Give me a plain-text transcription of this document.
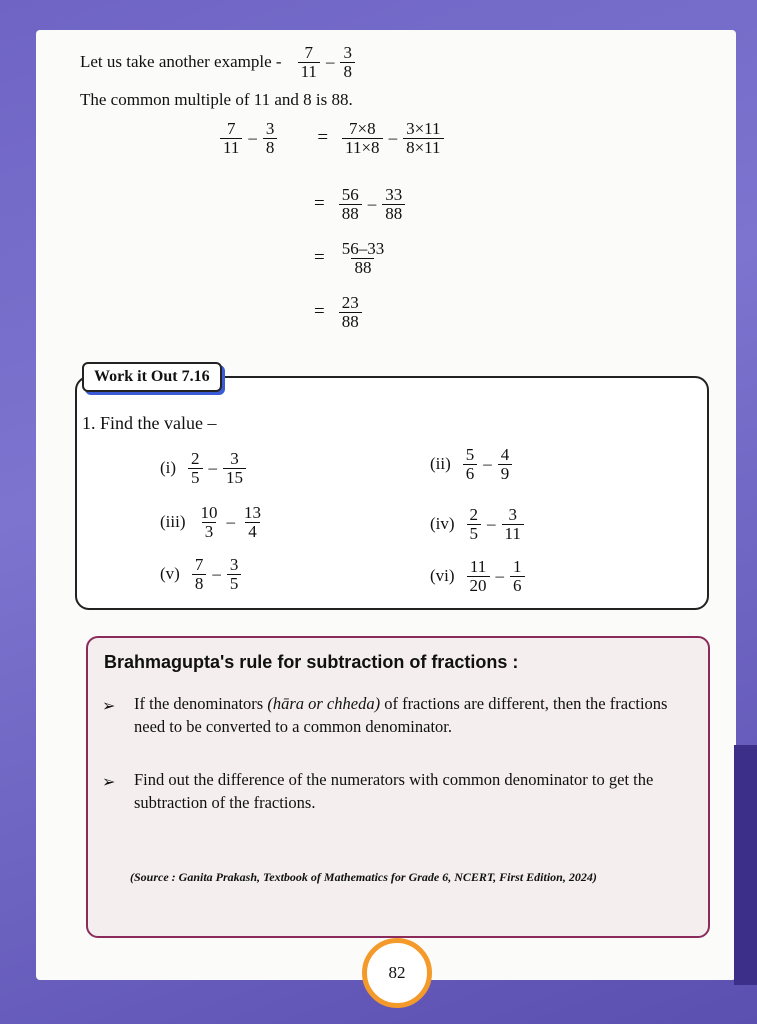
Let us take another example - $\frac{7}{11} - \frac{3}{8}$
The common multiple of 11 and 8 is 88.
$\frac{7}{11} - \frac{3}{8} = \frac{7\times 8}{11\times 8} - \frac{3\times 11}{8\times 11}$
= $\frac{56}{88} - \frac{33}{88}$
= $\frac{56-33}{88}$
= $\frac{23}{88}$
Work it Out 7.16
1. Find the value –
$(i) \frac{2}{5} - \frac{3}{15}$	$(ii) \frac{5}{6} - \frac{4}{9}$
$(iii) \frac{10}{3} - \frac{13}{4}$	$(iv) \frac{2}{5} - \frac{3}{11}$
$(v) \frac{7}{8} - \frac{3}{5}$	$(vi) \frac{11}{20} - \frac{1}{6}$
Brahmagupta's rule for subtraction of fractions :
➢ If the denominators (hāra or chheda) of fractions are different, then the fractions need to be converted to a common denominator.
➢ Find out the difference of the numerators with common denominator to get the subtraction of the fractions.
(Source : Ganita Prakash, Textbook of Mathematics for Grade 6, NCERT, First Edition, 2024)
82
